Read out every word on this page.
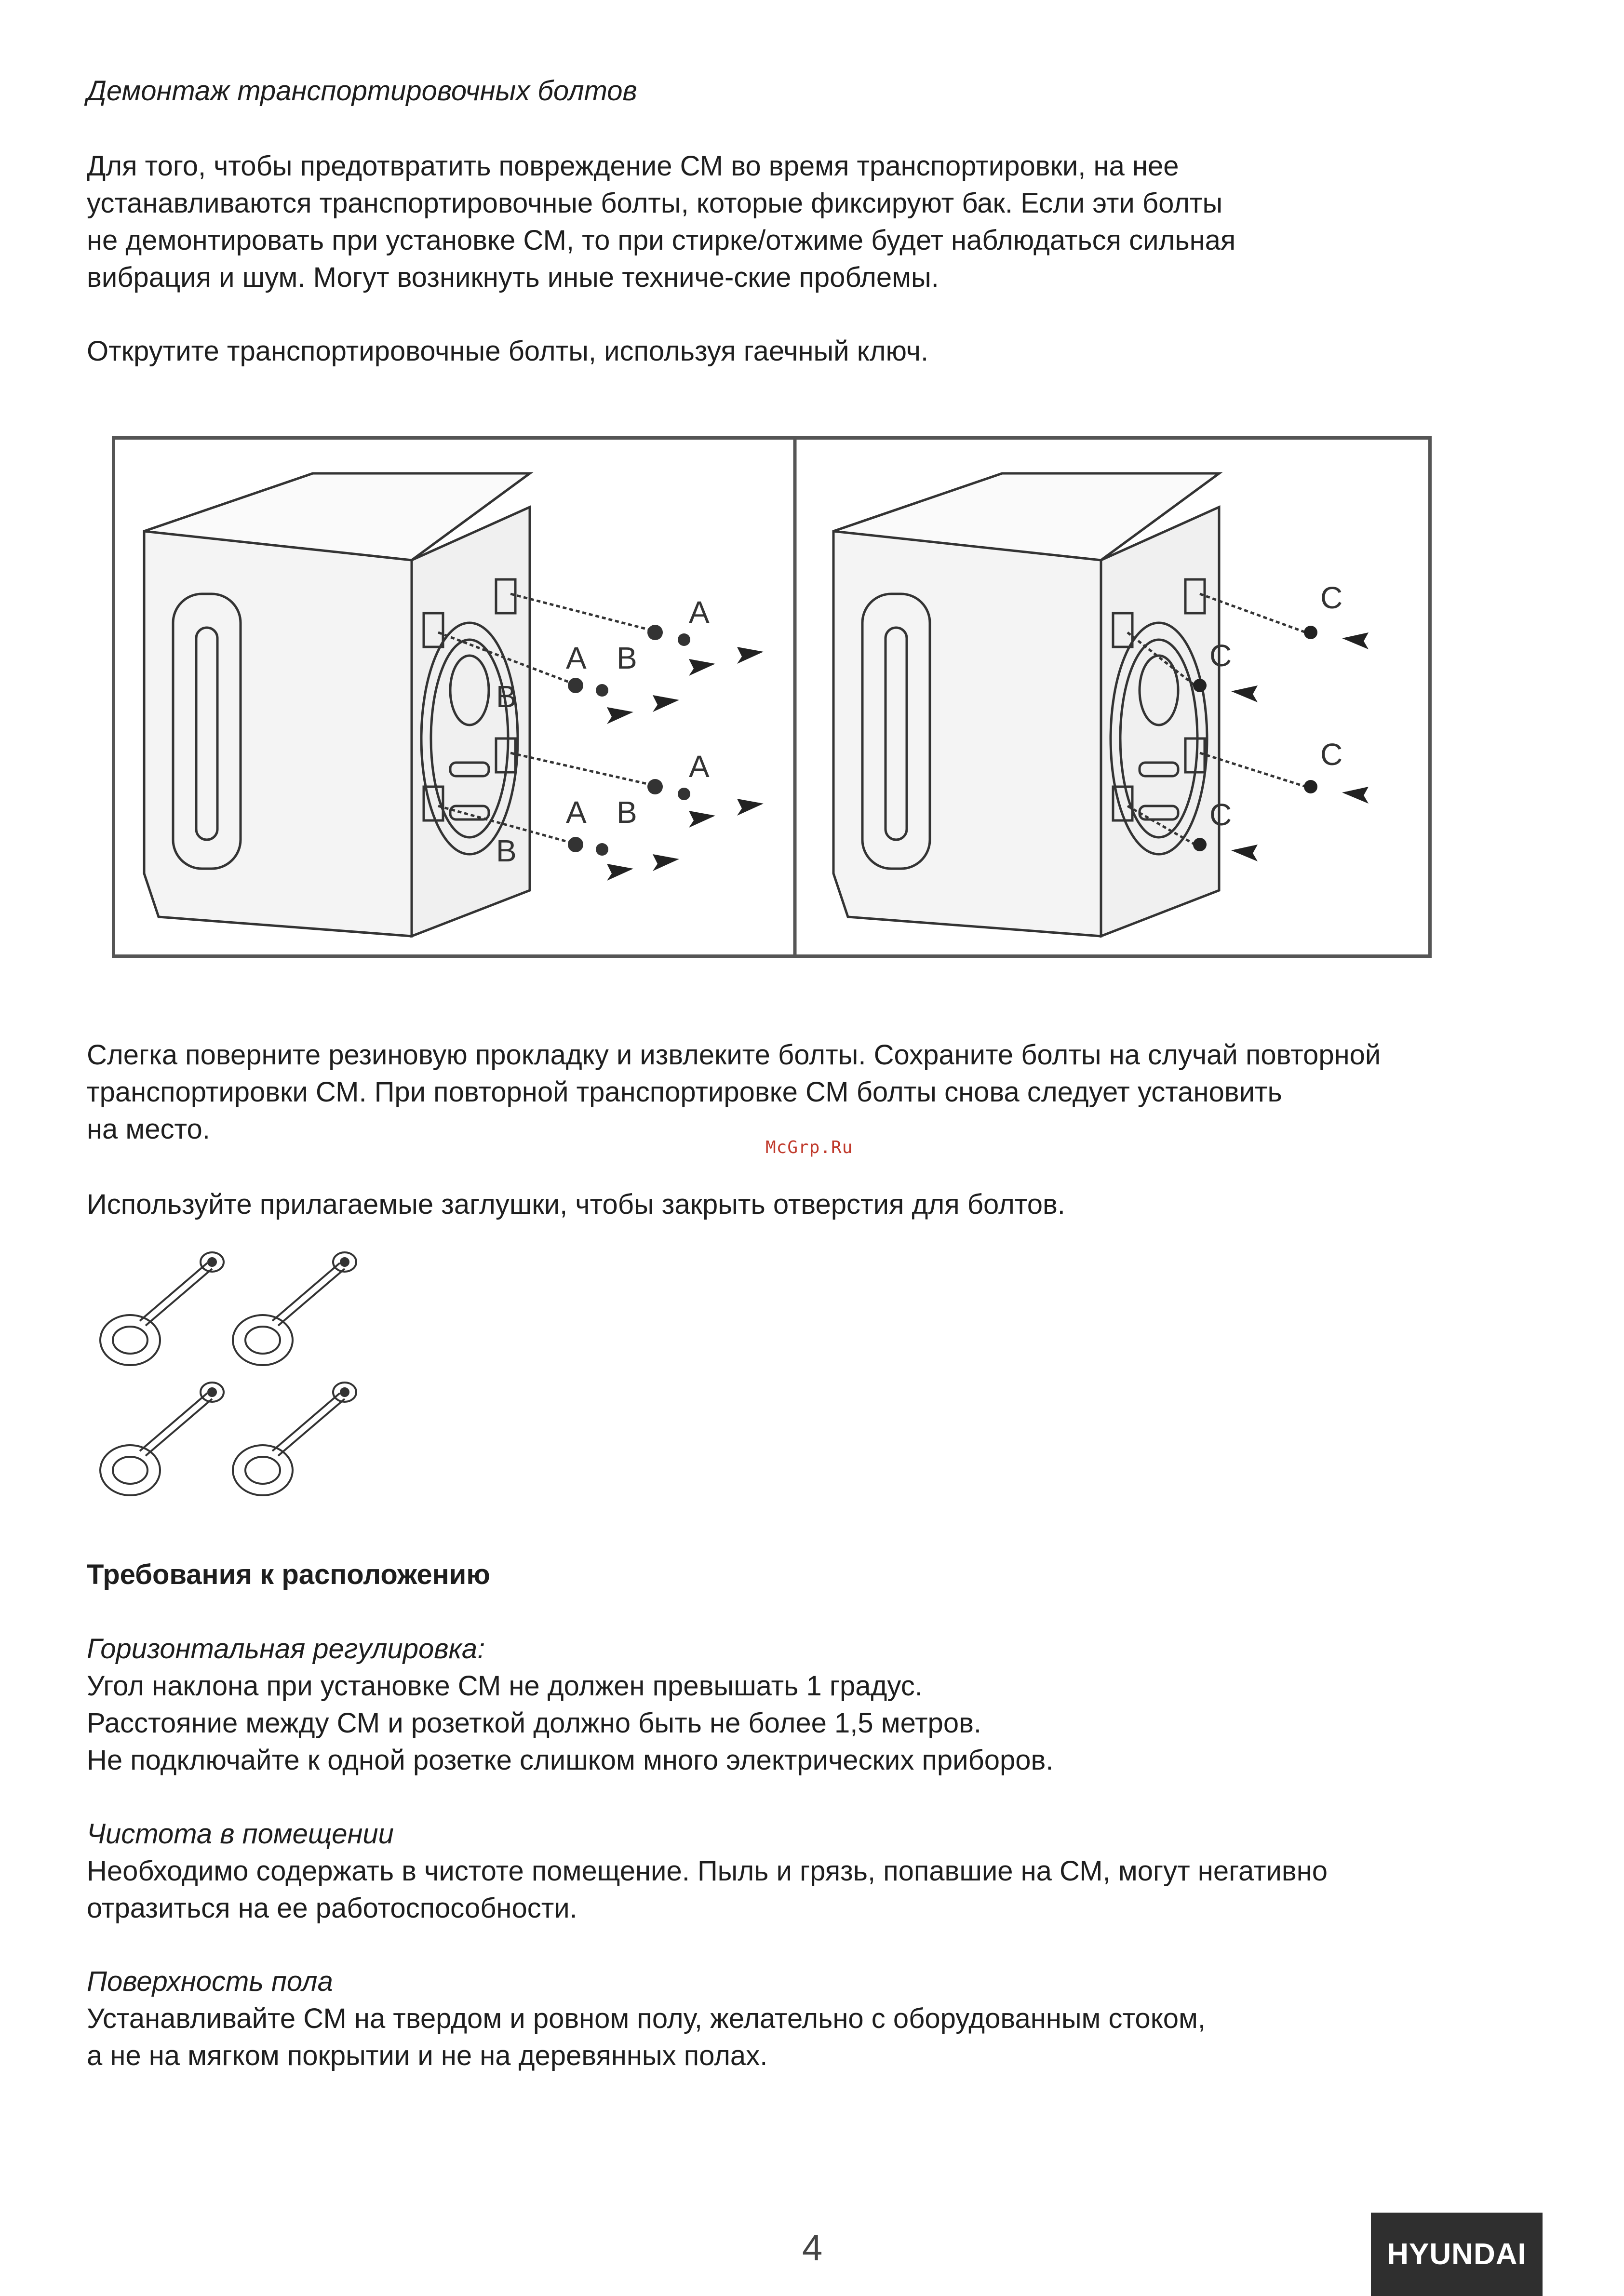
Демонтаж транспортировочных болтов

Для того, чтобы предотвратить повреждение СМ во время транспортировки, на нее
устанавливаются транспортировочные болты, которые фиксируют бак. Если эти болты
не демонтировать при установке СМ, то при стирке/отжиме будет наблюдаться сильная
вибрация и шум. Могут возникнуть иные техниче-ские проблемы.

Открутите транспортировочные болты, используя гаечный ключ.

A
B
A
B
A
B
A
B
C
C
C
C

Слегка поверните резиновую прокладку и извлеките болты. Сохраните болты на случай повторной
транспортировки СМ. При повторной транспортировке СМ болты снова следует установить
на место.

McGrp.Ru

Используйте прилагаемые заглушки, чтобы закрыть отверстия для болтов.

Требования к расположению

Горизонтальная регулировка:
Угол наклона при установке СМ не должен превышать 1 градус.
Расстояние между СМ и розеткой должно быть не более 1,5 метров.
Не подключайте к одной розетке слишком много электрических приборов.

Чистота в помещении
Необходимо содержать в чистоте помещение. Пыль и грязь, попавшие на СМ, могут негативно
отразиться на ее работоспособности.

Поверхность пола
Устанавливайте СМ на твердом и ровном полу, желательно с оборудованным стоком,
а не на мягком покрытии и не на деревянных полах.

4	HYUNDAI
